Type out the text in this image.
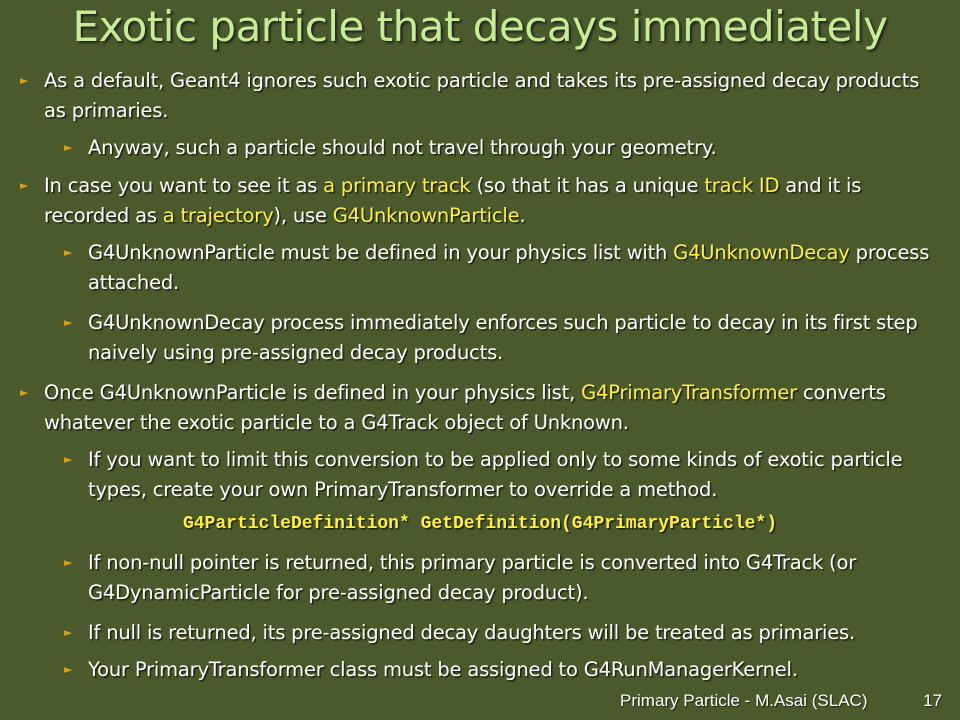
Exotic particle that decays immediately
► As a default, Geant4 ignores such exotic particle and takes its pre-assigned decay products as primaries.
► Anyway, such a particle should not travel through your geometry.
► In case you want to see it as a primary track (so that it has a unique track ID and it is recorded as a trajectory), use G4UnknownParticle.
► G4UnknownParticle must be defined in your physics list with G4UnknownDecay process attached.
► G4UnknownDecay process immediately enforces such particle to decay in its first step naively using pre-assigned decay products.
► Once G4UnknownParticle is defined in your physics list, G4PrimaryTransformer converts whatever the exotic particle to a G4Track object of Unknown.
► If you want to limit this conversion to be applied only to some kinds of exotic particle types, create your own PrimaryTransformer to override a method.
G4ParticleDefinition* GetDefinition(G4PrimaryParticle*)
► If non-null pointer is returned, this primary particle is converted into G4Track (or G4DynamicParticle for pre-assigned decay product).
► If null is returned, its pre-assigned decay daughters will be treated as primaries.
► Your PrimaryTransformer class must be assigned to G4RunManagerKernel.
Primary Particle - M.Asai (SLAC)	17
